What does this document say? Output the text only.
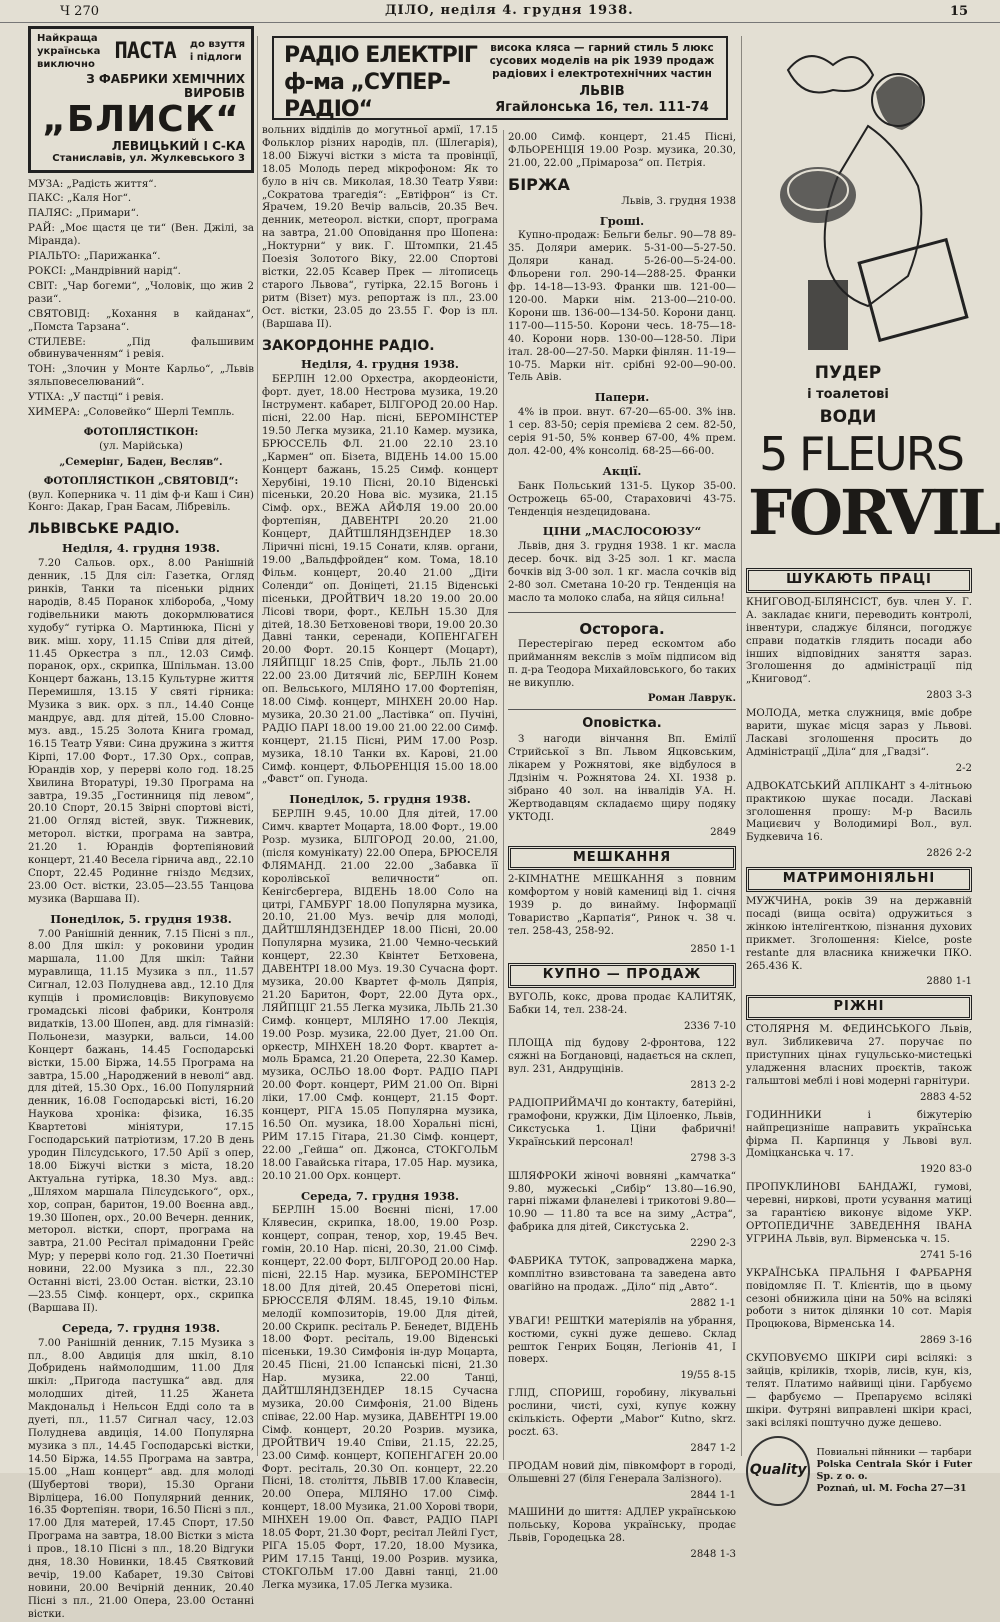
Ч 270	ДІЛО, неділя 4. грудня 1938.	15
РАДІО ЕЛЕКТРІГ
ф-ма „СУПЕР-РАДІО“
висока кляса — гарний стиль 5 люкс сусових моделів на рік 1939 продаж радіових і електротехнічних частин
ЛЬВІВ
Ягайлонська 16, тел. 111-74
Найкраща
українська
виключно
ПАСТА до взуття
і підлоги
З ФАБРИКИ ХЕМІЧНИХ
ВИРОБІВ
„БЛИСК“
ЛЕВИЦЬКИЙ І С-КА
Станиславів, ул. Жулкевського 3

МУЗА: „Радість життя“.

ПАКС: „Каля Ног“.

ПАЛЯС: „Примари“.

РАЙ: „Моє щастя це ти“ (Вен. Джілі, за Міранда).

РІАЛЬТО: „Парижанка“.

РОКСІ: „Мандрівний нарід“.

СВІТ: „Чар богеми“, „Чоловік, що жив 2 рази“.

СВЯТОВІД: „Кохання в кайданах“, „Помста Тарзана“.

СТИЛЕВЕ: „Під фальшивим обвинуваченням“ і ревія.

ТОН: „Злочин у Монте Карльо“, „Львів зяльповеселюваний“.

УТІХА: „У пастці“ і ревія.

ХИМЕРА: „Соловейко“ Шерлі Темпль.

ФОТОПЛЯСТІКОН:

(ул. Марійська)

„Семерінг, Баден, Весляв“.

ФОТОПЛЯСТІКОН „СВЯТОВІД“:

(вул. Коперника ч. 11 дім ф-и Каш і Син) Конго: Дакар, Гран Басам, Лібревіль.

ЛЬВІВСЬКЕ РАДІО.

Неділя, 4. грудня 1938.

7.20 Сальов. орх., 8.00 Ранішній денник, .15 Для сіл: Газетка, Огляд ринків, Танки та пісеньки рідних народів, 8.45 Поранок хлібороба, „Чому годівельники мають докормлюватися худобу“ гутірка О. Мартинюка, Пісні у вик. міш. хору, 11.15 Співи для дітей, 11.45 Оркестра з пл., 12.03 Симф. поранок, орх., скрипка, Шпільман. 13.00 Концерт бажань, 13.15 Культурне життя Перемишля, 13.15 У святі гірника: Музика з вик. орх. з пл., 14.40 Сонце мандрує, авд. для дітей, 15.00 Словно-муз. авд., 15.25 Золота Книга громад, 16.15 Театр Уяви: Сина дружина з життя Кірпі, 17.00 Форт., 17.30 Орх., соправ, Юрандів хор, у перерві коло год. 18.25 Хвилина Вторатурі, 19.30 Програма на завтра, 19.35 „Гостинниця під левом“, 20.10 Спорт, 20.15 Звірні спортові вісті, 21.00 Огляд вістей, звук. Тижневик, меторол. вістки, програма на завтра, 21.20 1. Юрандів фортепіяновий концерт, 21.40 Весела гірнича авд., 22.10 Спорт, 22.45 Родинне гніздо Мєдзих, 23.00 Ост. вістки, 23.05—23.55 Танцова музика (Варшава II).

Понеділок, 5. грудня 1938.

7.00 Ранішній денник, 7.15 Пісні з пл., 8.00 Для шкіл: у роковини уродин маршала, 11.00 Для шкіл: Тайни муравлища, 11.15 Музика з пл., 11.57 Сигнал, 12.03 Полуднева авд., 12.10 Для купців і промисловців: Викуповуємо громадські лісові фабрики, Контроля видатків, 13.00 Шопен, авд. для гімназій: Польонези, мазурки, вальси, 14.00 Концерт бажань, 14.45 Господарські вістки, 15.00 Біржа, 14.55 Програма на завтра, 15.00 „Народжений в неволі“ авд. для дітей, 15.30 Орх., 16.00 Популярний денник, 16.08 Господарські вісті, 16.20 Наукова хроніка: фізика, 16.35 Квартетові мініятури, 17.15 Господарський патріотизм, 17.20 В день уродин Пілсудського, 17.50 Арії з опер, 18.00 Біжучі вістки з міста, 18.20 Актуальна гутірка, 18.30 Муз. авд.: „Шляхом маршала Пілсудського“, орх., хор, сопран, баритон, 19.00 Воєнна авд., 19.30 Шопен, орх., 20.00 Вечерн. денник, меторол. вістки, спорт, програма на завтра, 21.00 Ресітал прімадонни Грейс Мур; у перерві коло год. 21.30 Поетичні новини, 22.00 Музика з пл., 22.30 Останні вісті, 23.00 Остан. вістки, 23.10—23.55 Сімф. концерт, орх., скрипка (Варшава II).

Середа, 7. грудня 1938.

7.00 Ранішній денник, 7.15 Музика з пл., 8.00 Авдиція для шкіл, 8.10 Добридень наймолодшим, 11.00 Для шкіл: „Пригода пастушка“ авд. для молодших дітей, 11.25 Жанета Макдональд і Нельсон Едді соло та в дуеті, пл., 11.57 Сигнал часу, 12.03 Полуднева авдиція, 14.00 Популярна музика з пл., 14.45 Господарські вістки, 14.50 Біржа, 14.55 Програма на завтра, 15.00 „Наш концерт“ авд. для молоді (Шубертові твори), 15.30 Органи Вірліцера, 16.00 Популярний денник, 16.35 Фортепіян. твори, 16.50 Пісні з пл., 17.00 Для матерей, 17.45 Спорт, 17.50 Програма на завтра, 18.00 Вістки з міста і пров., 18.10 Пісні з пл., 18.20 Відгуки дня, 18.30 Новинки, 18.45 Святковий вечір, 19.00 Кабарет, 19.30 Світові новини, 20.00 Вечірній денник, 20.40 Пісні з пл., 21.00 Опера, 23.00 Останні вістки.

вольних відділів до могутньої армії, 17.15 Фольклор різних народів, пл. (Шлегарія), 18.00 Біжучі вістки з міста та провінції, 18.05 Молодь перед мікрофоном: Як то було в ніч св. Миколая, 18.30 Театр Уяви: „Сократова трагедія“: „Евтіфрон“ із Ст. Ярачем, 19.20 Вечір вальсів, 20.35 Веч. денник, метеорол. вістки, спорт, програма на завтра, 21.00 Оповідання про Шопена: „Ноктурни“ у вик. Г. Штомпки, 21.45 Поезія Золотого Віку, 22.00 Спортові вістки, 22.05 Ксавер Прек — літописець старого Львова“, гутірка, 22.15 Вогонь і ритм (Візет) муз. репортаж із пл., 23.00 Ост. вістки, 23.05 до 23.55 Г. Фор із пл. (Варшава II).

ЗАКОРДОННЕ РАДІО.

Неділя, 4. грудня 1938.

БЕРЛІН 12.00 Орхестра, акордеоністи, форт. дует, 18.00 Нестрова музика, 19.20 Інструмент. кабарет, БІЛГОРОД 20.00 Нар. пісні, 22.00 Нар. пісні, БЕРОМІНСТЕР 19.50 Легка музика, 21.10 Камер. музика, БРЮССЕЛЬ ФЛ. 21.00 22.10 23.10 „Кармен“ оп. Бізета, ВІДЕНЬ 14.00 15.00 Концерт бажань, 15.25 Симф. концерт Херубіні, 19.10 Пісні, 20.10 Віденські пісеньки, 20.20 Нова віс. музика, 21.15 Сімф. орх., ВЕЖА АЙФЛЯ 19.00 20.00 фортепіян, ДАВЕНТРІ 20.20 21.00 Концерт, ДАЙТШЛЯНДЗЕНДЕР 18.30 Ліричні пісні, 19.15 Сонати, кляв. органи, 19.00 „Вальдфройден“ ком. Тома, 18.10 Фільм. концерт, 20.40 21.00 „Діти Соленди“ оп. Доніцеті, 21.15 Віденські пісеньки, ДРОЙТВИЧ 18.20 19.00 20.00 Лісові твори, форт., КЕЛЬН 15.30 Для дітей, 18.30 Бетховенові твори, 19.00 20.30 Давні танки, серенади, КОПЕНГАГЕН 20.00 Форт. 20.15 Концерт (Моцарт), ЛЯЙПЦІГ 18.25 Спів, форт., ЛЬЛЬ 21.00 22.00 23.00 Дитячий ліс, БЕРЛІН Конем оп. Вельського, МІЛЯНО 17.00 Фортепіян, 18.00 Сімф. концерт, МІНХЕН 20.00 Нар. музика, 20.30 21.00 „Ластівка“ оп. Пучіні, РАДІО ПАРІ 18.00 19.00 21.00 22.00 Симф. концерт, 21.15 Пісні, РИМ 17.00 Розр. музика, 18.10 Танки вх. Карові, 21.00 Симф. концерт, ФЛЬОРЕНЦІЯ 15.00 18.00 „Фавст“ оп. Гунода.

Понеділок, 5. грудня 1938.

БЕРЛІН 9.45, 10.00 Для дітей, 17.00 Симч. квартет Моцарта, 18.00 Форт., 19.00 Розр. музика, БІЛГОРОД 20.00, 21.00, (після комунікату) 22.00 Опера, БРЮСЕЛЯ ФЛЯМАНД. 21.00 22.00 „Забавка її королівської величности“ оп. Кенігсбергера, ВІДЕНЬ 18.00 Соло на цитрі, ГАМБУРГ 18.00 Популярна музика, 20.10, 21.00 Муз. вечір для молоді, ДАЙТШЛЯНДЗЕНДЕР 18.00 Пісні, 20.00 Популярна музика, 21.00 Чемно-чеський концерт, 22.30 Квінтет Бетховена, ДАВЕНТРІ 18.00 Муз. 19.30 Сучасна форт. музика, 20.00 Квартет ф-моль Дяпрія, 21.20 Баритон, Форт, 22.00 Дута орх., ЛЯЙПЦІГ 21.55 Легка музика, ЛЬЛЬ 21.30 Симф. концерт, МІЛЯНО 17.00 Лекція, 19.00 Розр. музика, 22.00 Дует, 21.00 Оп. оркестр, МІНХЕН 18.20 Форт. квартет а-моль Брамса, 21.20 Оперета, 22.30 Камер. музика, ОСЛЬО 18.00 Форт. РАДІО ПАРІ 20.00 Форт. концерт, РИМ 21.00 Оп. Вірні ліки, 17.00 Смф. концерт, 21.15 Форт. концерт, РІГА 15.05 Популярна музика, 16.50 Оп. музика, 18.00 Хоральні пісні, РИМ 17.15 Гітара, 21.30 Сімф. концерт, 22.00 „Гейша“ оп. Джонса, СТОКГОЛЬМ 18.00 Гавайська гітара, 17.05 Нар. музика, 20.10 21.00 Орх. концерт.

Середа, 7. грудня 1938.

БЕРЛІН 15.00 Воєнні пісні, 17.00 Клявесин, скрипка, 18.00, 19.00 Розр. концерт, сопран, тенор, хор, 19.45 Веч. гомін, 20.10 Нар. пісні, 20.30, 21.00 Сімф. концерт, 22.00 Форт, БІЛГОРОД 20.00 Нар. пісні, 22.15 Нар. музика, БЕРОМІНСТЕР 18.00 Для дітей, 20.45 Оперетові пісні, БРЮССЕЛЯ ФЛЯМ. 18.45, 19.10 Фільм. мелодії композиторів, 19.00 Для дітей, 20.00 Скрипк. ресіталь Р. Бенедет, ВІДЕНЬ 18.00 Форт. ресіталь, 19.00 Віденські пісеньки, 19.30 Симфонія ін-дур Моцарта, 20.45 Пісні, 21.00 Іспанські піснi, 21.30 Нар. музика, 22.00 Танці, ДАЙТШЛЯНДЗЕНДЕР 18.15 Сучасна музика, 20.00 Симфонія, 21.00 Відень співає, 22.00 Нар. музика, ДАВЕНТРІ 19.00 Сімф. концерт, 20.20 Розрив. музика, ДРОЙТВИЧ 19.40 Співи, 21.15, 22.25, 23.00 Симф. концерт, КОПЕНГАГЕН 20.00 Форт. ресіталь, 20.30 Оп. концерт, 22.20 Пісні, 18. століття, ЛЬВІВ 17.00 Клавесін, 20.00 Опера, МІЛЯНО 17.00 Сімф. концерт, 18.00 Музика, 21.00 Хорові твори, МІНХЕН 19.00 Оп. Фавст, РАДІО ПАРІ 18.05 Форт, 21.30 Форт, ресітал Лейлі Густ, РІГА 15.05 Форт, 17.20, 18.00 Музика, РИМ 17.15 Танці, 19.00 Розрив. музика, СТОКГОЛЬМ 17.00 Давні танці, 21.00 Легка музика, 17.05 Легка музика.

20.00 Симф. концерт, 21.45 Пісні, ФЛЬОРЕНЦІЯ 19.00 Розр. музика, 20.30, 21.00, 22.00 „Прімароза“ оп. Пєтрія.

БІРЖА

Львів, 3. грудня 1938

Гроші.

Купно-продаж: Бельги бельг. 90—78 89-35. Доляри америк. 5-31-00—5-27-50. Доляри канад. 5-26-00—5-24-00. Фльорени гол. 290-14—288-25. Франки фр. 14-18—13-93. Франки шв. 121-00—120-00. Марки нім. 213-00—210-00. Корони шв. 136-00—134-50. Корони данц. 117-00—115-50. Корони чесь. 18-75—18-40. Корони норв. 130-00—128-50. Ліри італ. 28-00—27-50. Марки фінлян. 11-19—10-75. Марки ніт. срібні 92-00—90-00. Тель Авів.

Папери.

4% ів прои. внут. 67-20—65-00. 3% інв. 1 сер. 83-50; серія премієва 2 сем. 82-50, серія 91-50, 5% конвер 67-00, 4% прем. дол. 42-00, 4% консолід. 68-25—66-00.

Акції.

Банк Польський 131-5. Цукор 35-00. Острожець 65-00, Стараховичі 43-75. Тенденція нездецидована.

ЦІНИ „МАСЛОСОЮЗУ“

Львів, дня 3. грудня 1938. 1 кг. масла десер. бочк. від 3-25 зол. 1 кг. масла бочків від 3-00 зол. 1 кг. масла сочків від 2-80 зол. Сметана 10-20 гр. Тенденція на масло та молоко слаба, на яйця сильна!

Осторога.

Перестерігаю перед ескомтом або прийманням векслів з моїм підписом від п. д-ра Теодора Михайловського, бо таких не викуплю.

Роман Лаврук.

Оповістка.

З нагоди вінчання Вп. Емілії Стрийської з Вп. Львом Яцковським, лікарем у Рожнятові, яке відбулося в Лдзінім ч. Рожнятова 24. XI. 1938 р. зібрано 40 зол. на інвалідів УА. Н. Жертводавцям складаємо щиру подяку УКТОДІ.

2849

МЕШКАННЯ

2-КІМНАТНЕ МЕШКАННЯ з повним комфортом у новій камениці від 1. січня 1939 р. до винайму. Інформації Товариство „Карпатія“, Ринок ч. 38 ч. тел. 258-43, 258-92.

2850 1-1

КУПНО — ПРОДАЖ

ВУГОЛЬ, кокс, дрова продає КАЛИТЯК, Бабки 14, тел. 238-24.

2336 7-10

ПЛОЩА під будову 2-фронтова, 122 сяжні на Богдановці, надається на склеп, вул. 231, Андрущінів.

2813 2-2

РАДІОПРИЙМАЧІ до контакту, батерійні, грамофони, кружки, Дім Цілоенко, Львів, Сикстуська 1. Ціни фабричні! Український персонал!

2798 3-3

ШЛЯФРОКИ жіночі вовняні „камчатка“ 9.80, мужеські „Сибір“ 13.80—16.90, гарні піжами фланелеві і трикотові 9.80—10.90 — 11.80 та все на зиму „Астра“, фабрика для дітей, Сикстуська 2.

2290 2-3

ФАБРИКА ТУТОК, запроваджена марка, комплітно взивстована та заведена авто овагійно на продаж. „Діло“ під „Авто“.

2882 1-1

УВАГИ! РЕШТКИ матеріялів на убрання, костюми, сукні дуже дешево. Склад решток Генрих Боцян, Легіонів 41, I поверх.

19/55 8-15

ГЛІД, СПОРИШ, горобину, лікувальні рослини, чисті, сухі, купує кожну скількість. Оферти „Mabor“ Kutno, skrz. poczt. 63.

2847 1-2

ПРОДАМ новий дім, півкомфорт в городі, Ольшевні 27 (біля Генерала Залізного).

2844 1-1

МАШИНИ до шиття: АДЛЕР українською польську, Корова українську, продає Львів, Городецька 28.

2848 1-3

ПУДЕР
і тоалетові
ВОДИ
5 FLEURS
FORVIL
ШУКАЮТЬ ПРАЦІ

КНИГОВОД-БІЛЯНСІСТ, був. член У. Г. А. закладає книги, переводить контролі, інвентури, сладжує білянси, погоджує справи податків глядить посади або інших відповідних заняття зараз. Зголошення до адміністрації під „Книговод“.

2803 3-3

МОЛОДА, метка служниця, вміє добре варити, шукає місця зараз у Львові. Ласкаві зголошення просить до Адміністрації „Діла“ для „Гвадзі“.

2-2

АДВОКАТСЬКИЙ АПЛІКАНТ з 4-літньою практикою шукає посади. Ласкаві зголошення прошу: М-р Василь Мациєвич у Володимирі Вол., вул. Будкевича 16.

2826 2-2

МАТРИМОНІЯЛЬНІ

МУЖЧИНА, років 39 на державній посаді (вища освіта) одружиться з жінкою інтелігенткою, пізнання духових прикмет. Зголошення: Kielce, poste restante для власника книжечки ПКО. 265.436 К.

2880 1-1

РІЖНІ

СТОЛЯРНЯ М. ФЕДИНСЬКОГО Львів, вул. Зибликевича 27. поручає по приступних цінах гуцульсько-мистецькі уладження власних проєктів, також гальштові меблі і нові модерні гарнітури.

2883 4-52

ГОДИННИКИ і біжутерію найпрецизніше направить українська фірма П. Карпинця у Львові вул. Доміцканська ч. 17.

1920 83-0

ПРОПУКЛИНОВІ БАНДАЖІ, гумові, черевні, ниркові, проти усування матиці за гарантією виконує відоме УКР. ОРТОПЕДИЧНЕ ЗАВЕДЕННЯ ІВАНА УГРИНА Львів, вул. Вірменська ч. 15.

2741 5-16

УКРАЇНСЬКА ПРАЛЬНЯ І ФАРБАРНЯ повідомляє П. Т. Клієнтів, що в цьому сезоні обнижила ціни на 50% на всілякі роботи з ниток ділянки 10 сот. Марія Процюкова, Вірменська 14.

2869 3-16

СКУПОВУЄМО ШКІРИ сирі всілякі: з зайців, кріликів, тхорів, лисів, кун, кіз, телят. Платимо найвищі ціни. Гарбуємо — фарбуємо — Препаруємо всілякі шкіри. Футряні виправлені шкіри красі, закі всілякі поштучно дуже дешево.

Quality
Повиальні пйнники — тарбари
Polska Centrala Skór i Futer Sp. z o. o.
Poznań, ul. M. Focha 27—31
